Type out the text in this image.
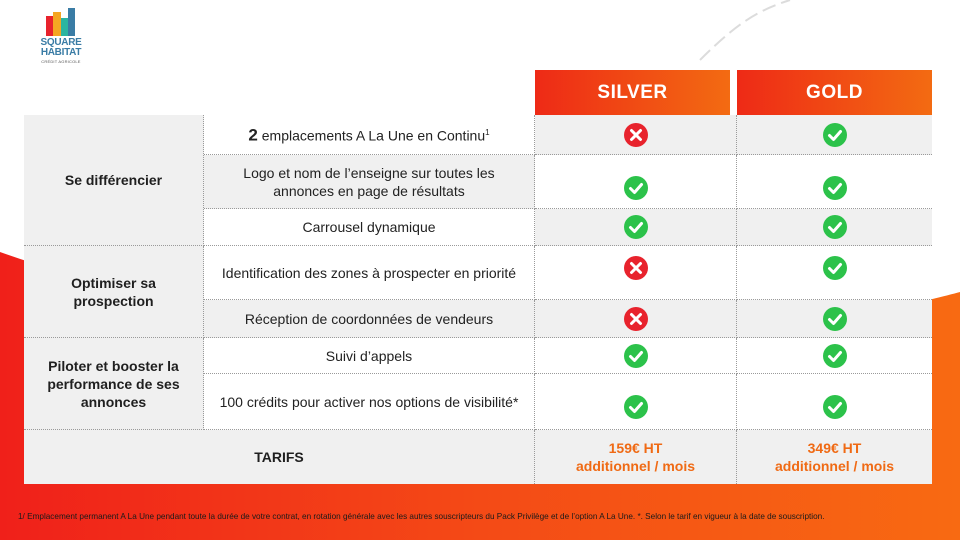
SQUARE
HABITAT
CRÉDIT AGRICOLE
SILVER	GOLD
Se différencier
Optimiser sa prospection
Piloter et booster la performance de ses annonces
2 emplacements A La Une en Continu$^1$
Logo et nom de l’enseigne sur toutes les annonces en page de résultats
Carrousel dynamique
Identification des zones à prospecter en priorité
Réception de coordonnées de vendeurs
Suivi d’appels
100 crédits pour activer nos options de visibilité*
TARIFS
159€ HT
additionnel / mois
349€ HT
additionnel / mois
1/ Emplacement permanent A La Une pendant toute la durée de votre contrat, en rotation générale avec les autres souscripteurs du Pack Privilège et de l’option A La Une. *. Selon le tarif en vigueur à la date de souscription.
